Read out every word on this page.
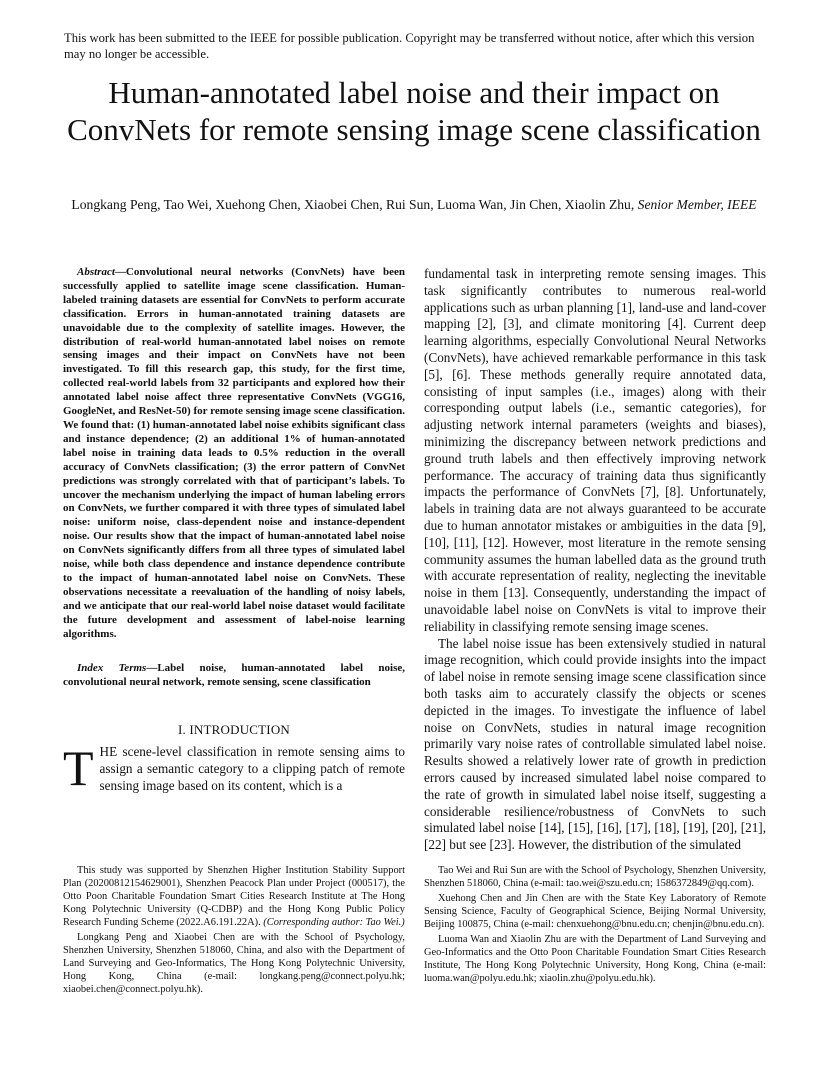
This work has been submitted to the IEEE for possible publication. Copyright may be transferred without notice, after which this version may no longer be accessible.
Human-annotated label noise and their impact on ConvNets for remote sensing image scene classification
Longkang Peng, Tao Wei, Xuehong Chen, Xiaobei Chen, Rui Sun, Luoma Wan, Jin Chen, Xiaolin Zhu, Senior Member, IEEE

Abstract—Convolutional neural networks (ConvNets) have been successfully applied to satellite image scene classification. Human-labeled training datasets are essential for ConvNets to perform accurate classification. Errors in human-annotated training datasets are unavoidable due to the complexity of satellite images. However, the distribution of real-world human-annotated label noises on remote sensing images and their impact on ConvNets have not been investigated. To fill this research gap, this study, for the first time, collected real-world labels from 32 participants and explored how their annotated label noise affect three representative ConvNets (VGG16, GoogleNet, and ResNet-50) for remote sensing image scene classification. We found that: (1) human-annotated label noise exhibits significant class and instance dependence; (2) an additional 1% of human-annotated label noise in training data leads to 0.5% reduction in the overall accuracy of ConvNets classification; (3) the error pattern of ConvNet predictions was strongly correlated with that of participant’s labels. To uncover the mechanism underlying the impact of human labeling errors on ConvNets, we further compared it with three types of simulated label noise: uniform noise, class-dependent noise and instance-dependent noise. Our results show that the impact of human-annotated label noise on ConvNets significantly differs from all three types of simulated label noise, while both class dependence and instance dependence contribute to the impact of human-annotated label noise on ConvNets. These observations necessitate a reevaluation of the handling of noisy labels, and we anticipate that our real-world label noise dataset would facilitate the future development and assessment of label-noise learning algorithms.

Index Terms—Label noise, human-annotated label noise, convolutional neural network, remote sensing, scene classification

I. INTRODUCTION

THE scene-level classification in remote sensing aims to assign a semantic category to a clipping patch of remote sensing image based on its content, which is a

fundamental task in interpreting remote sensing images. This task significantly contributes to numerous real-world applications such as urban planning [1], land-use and land-cover mapping [2], [3], and climate monitoring [4]. Current deep learning algorithms, especially Convolutional Neural Networks (ConvNets), have achieved remarkable performance in this task [5], [6]. These methods generally require annotated data, consisting of input samples (i.e., images) along with their corresponding output labels (i.e., semantic categories), for adjusting network internal parameters (weights and biases), minimizing the discrepancy between network predictions and ground truth labels and then effectively improving network performance. The accuracy of training data thus significantly impacts the performance of ConvNets [7], [8]. Unfortunately, labels in training data are not always guaranteed to be accurate due to human annotator mistakes or ambiguities in the data [9], [10], [11], [12]. However, most literature in the remote sensing community assumes the human labelled data as the ground truth with accurate representation of reality, neglecting the inevitable noise in them [13]. Consequently, understanding the impact of unavoidable label noise on ConvNets is vital to improve their reliability in classifying remote sensing image scenes.

The label noise issue has been extensively studied in natural image recognition, which could provide insights into the impact of label noise in remote sensing image scene classification since both tasks aim to accurately classify the objects or scenes depicted in the images. To investigate the influence of label noise on ConvNets, studies in natural image recognition primarily vary noise rates of controllable simulated label noise. Results showed a relatively lower rate of growth in prediction errors caused by increased simulated label noise compared to the rate of growth in simulated label noise itself, suggesting a considerable resilience/robustness of ConvNets to such simulated label noise [14], [15], [16], [17], [18], [19], [20], [21], [22] but see [23]. However, the distribution of the simulated

This study was supported by Shenzhen Higher Institution Stability Support Plan (20200812154629001), Shenzhen Peacock Plan under Project (000517), the Otto Poon Charitable Foundation Smart Cities Research Institute at The Hong Kong Polytechnic University (Q-CDBP) and the Hong Kong Public Policy Research Funding Scheme (2022.A6.191.22A). (Corresponding author: Tao Wei.)

Longkang Peng and Xiaobei Chen are with the School of Psychology, Shenzhen University, Shenzhen 518060, China, and also with the Department of Land Surveying and Geo-Informatics, The Hong Kong Polytechnic University, Hong Kong, China (e-mail: longkang.peng@connect.polyu.hk; xiaobei.chen@connect.polyu.hk).

Tao Wei and Rui Sun are with the School of Psychology, Shenzhen University, Shenzhen 518060, China (e-mail: tao.wei@szu.edu.cn; 1586372849@qq.com).

Xuehong Chen and Jin Chen are with the State Key Laboratory of Remote Sensing Science, Faculty of Geographical Science, Beijing Normal University, Beijing 100875, China (e-mail: chenxuehong@bnu.edu.cn; chenjin@bnu.edu.cn).

Luoma Wan and Xiaolin Zhu are with the Department of Land Surveying and Geo-Informatics and the Otto Poon Charitable Foundation Smart Cities Research Institute, The Hong Kong Polytechnic University, Hong Kong, China (e-mail: luoma.wan@polyu.edu.hk; xiaolin.zhu@polyu.edu.hk).
